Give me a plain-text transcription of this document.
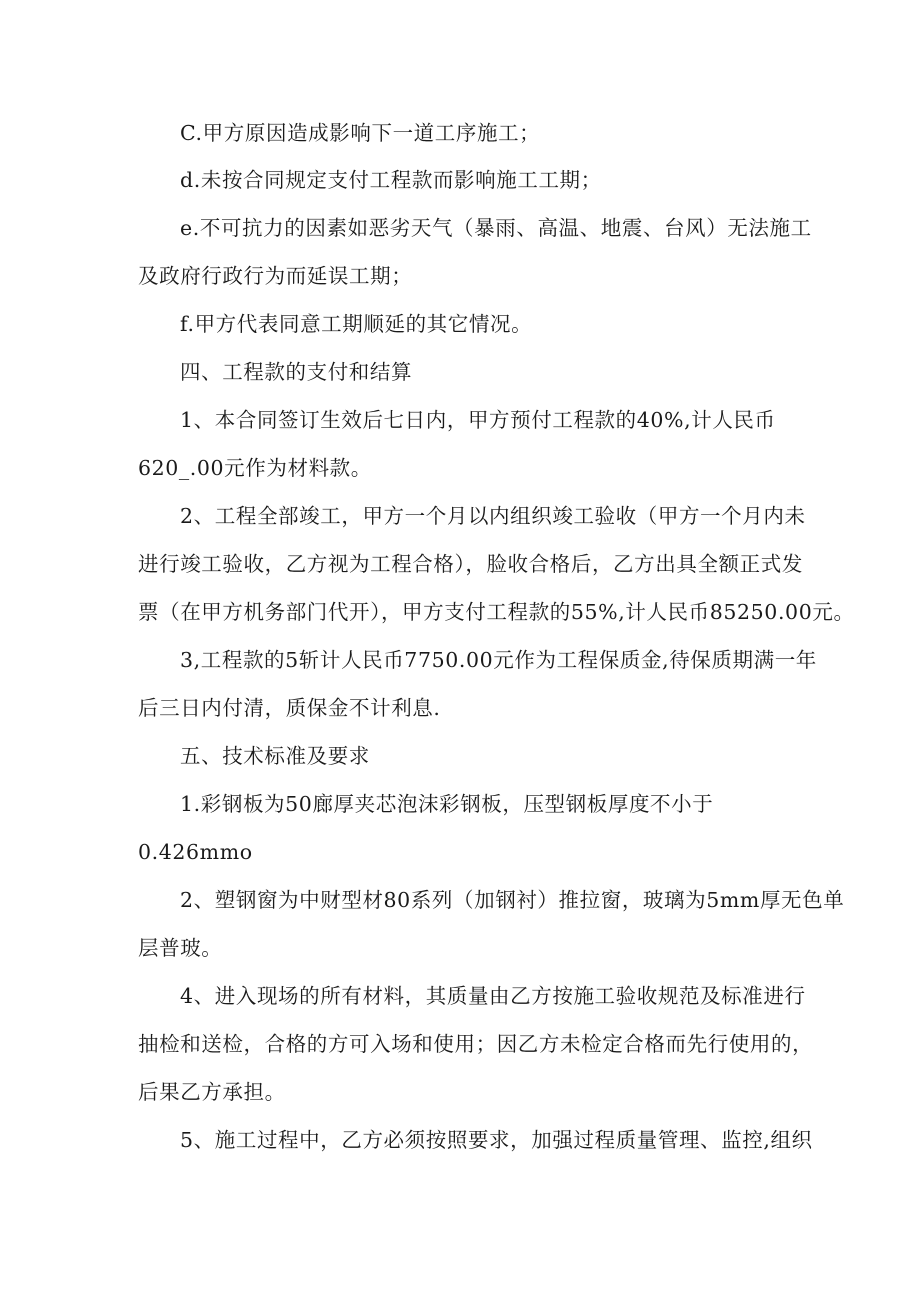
C.甲方原因造成影响下一道工序施工；
d.未按合同规定支付工程款而影响施工工期；
e.不可抗力的因素如恶劣天气（暴雨、高温、地震、台风）无法施工
及政府行政行为而延误工期；
f.甲方代表同意工期顺延的其它情况。
四、工程款的支付和结算
1、本合同签订生效后七日内，甲方预付工程款的40%,计人民币
620_.00元作为材料款。
2、工程全部竣工，甲方一个月以内组织竣工验收（甲方一个月内未
进行竣工验收，乙方视为工程合格），脸收合格后，乙方出具全额正式发
票（在甲方机务部门代开），甲方支付工程款的55%,计人民币85250.00元。
3,工程款的5斩计人民币7750.00元作为工程保质金,待保质期满一年
后三日内付清，质保金不计利息.
五、技术标准及要求
1.彩钢板为50廊厚夹芯泡沫彩钢板，压型钢板厚度不小于
0.426mmo
2、塑钢窗为中财型材80系列（加钢衬）推拉窗，玻璃为5mm厚无色单
层普玻。
4、进入现场的所有材料，其质量由乙方按施工验收规范及标准进行
抽检和送检，合格的方可入场和使用；因乙方未检定合格而先行使用的，
后果乙方承担。
5、施工过程中，乙方必须按照要求，加强过程质量管理、监控,组织
